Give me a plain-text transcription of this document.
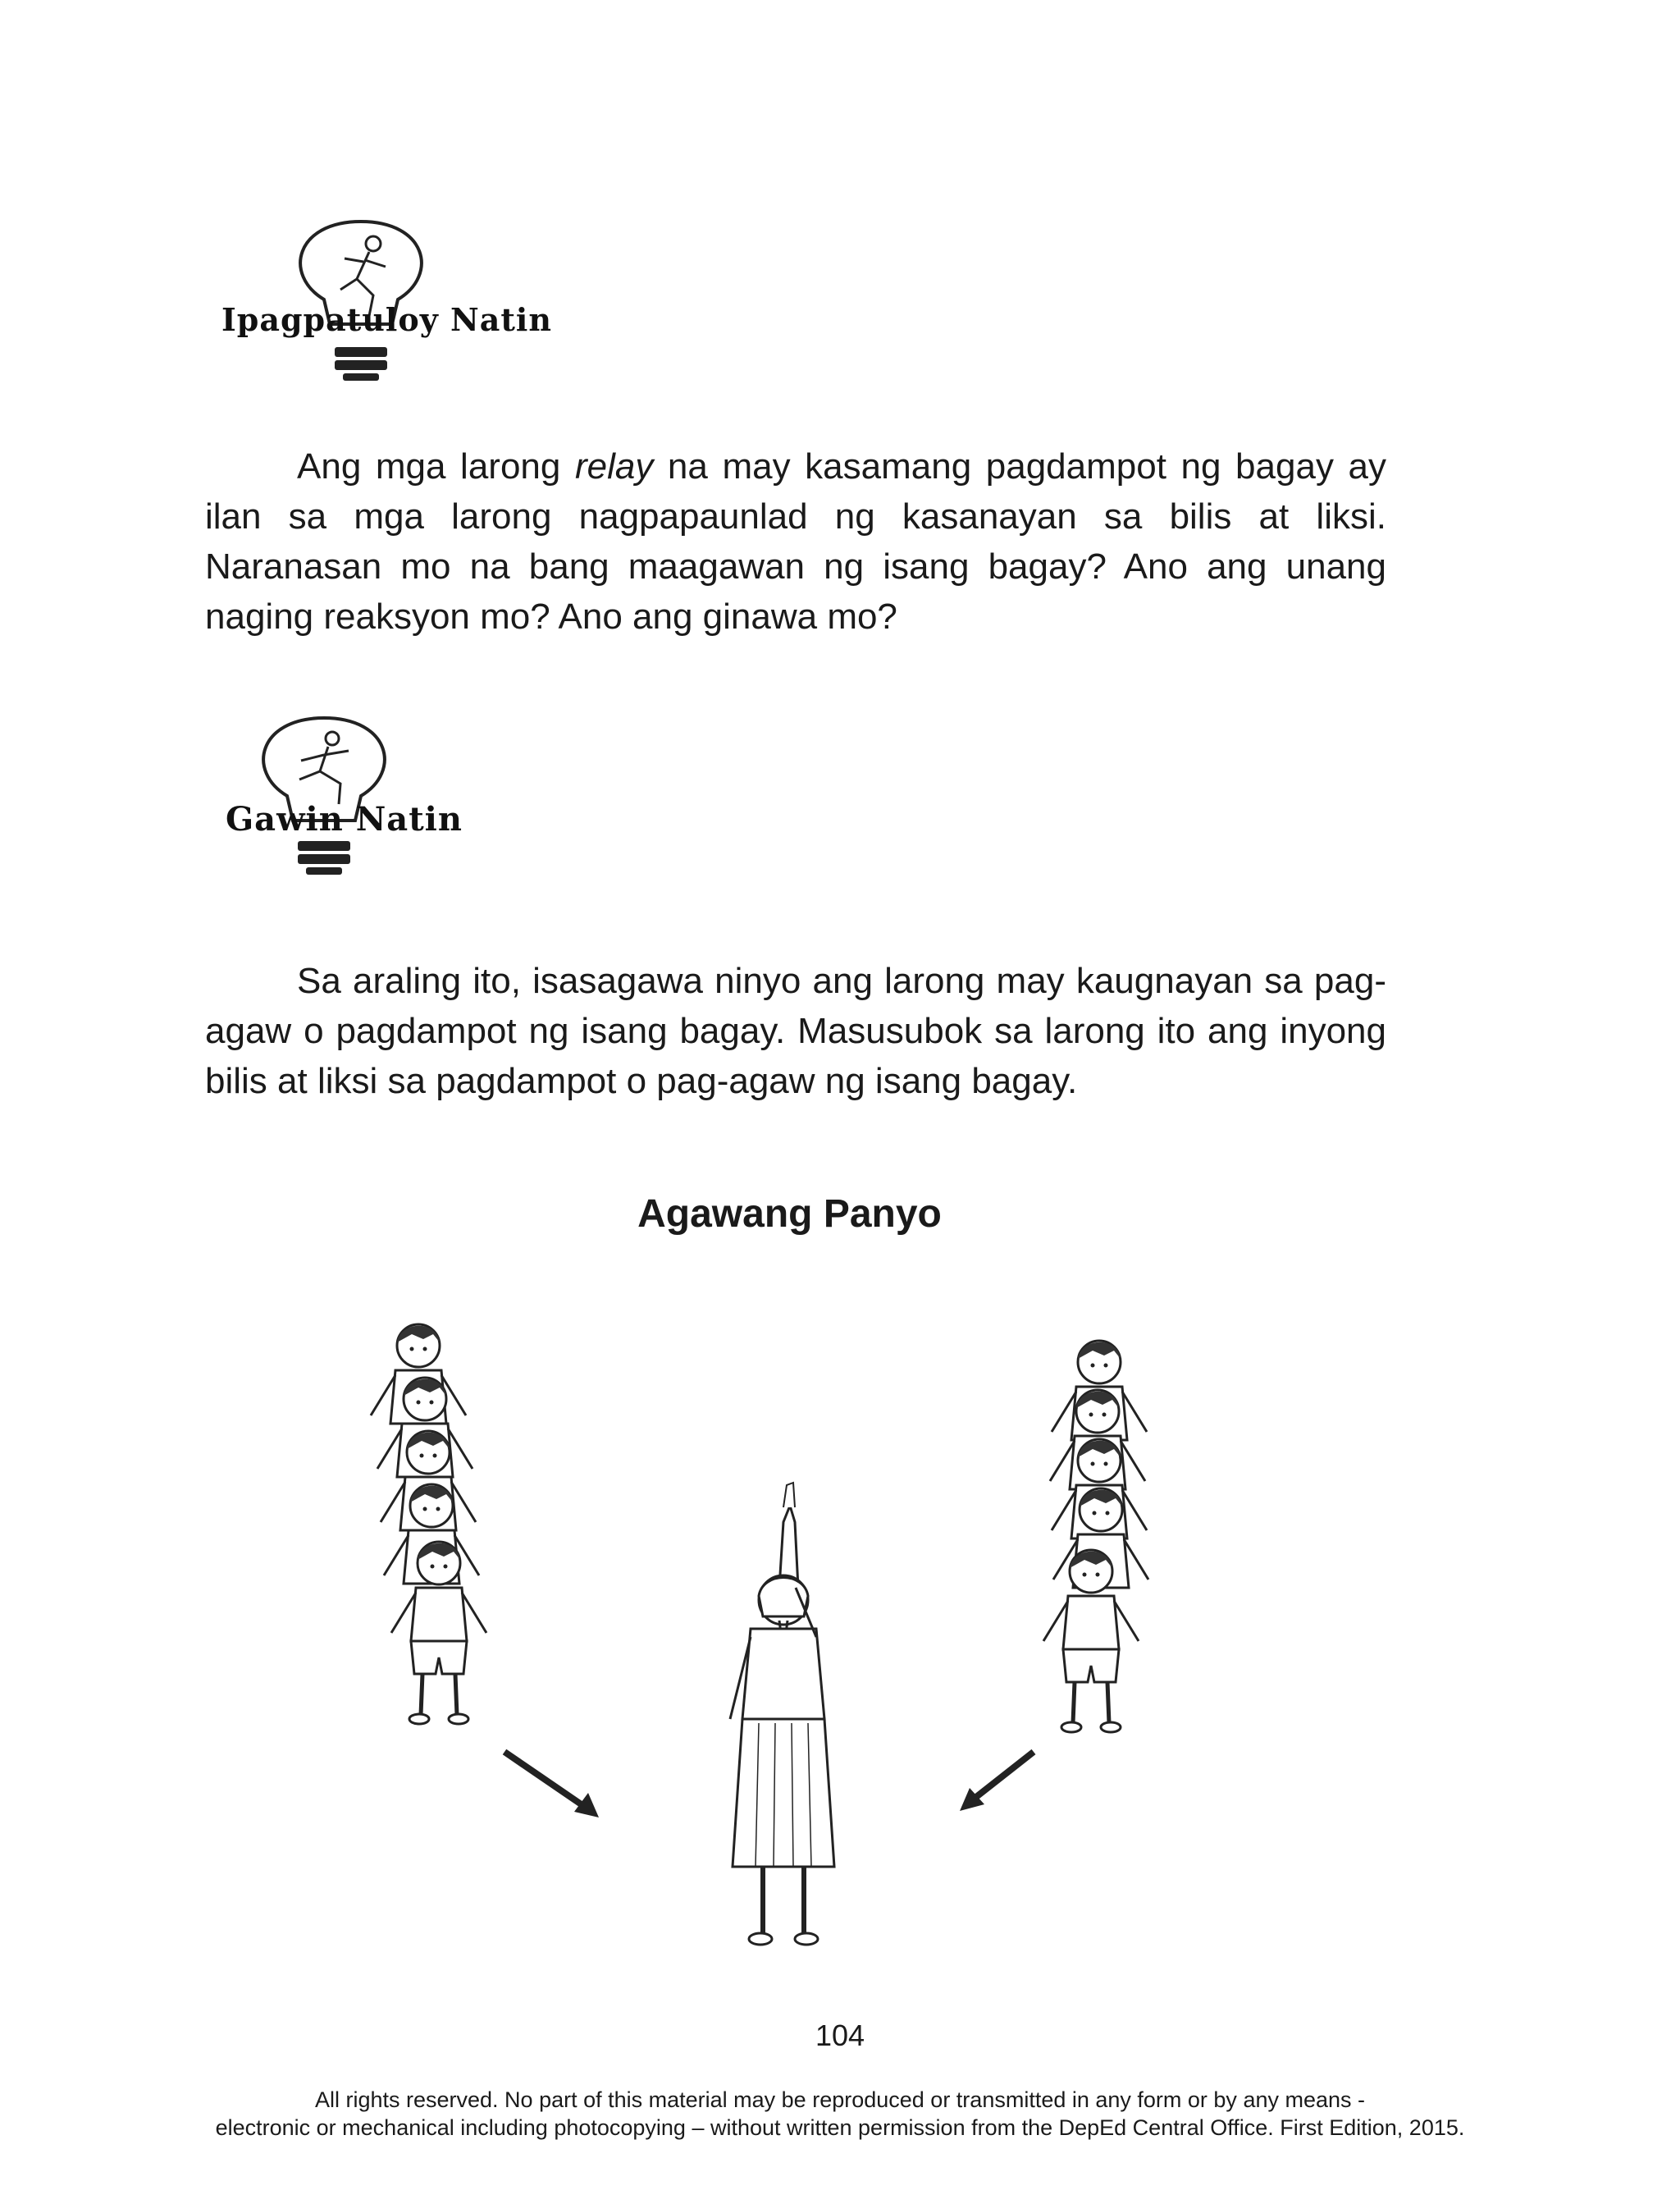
Ipagpatuloy Natin

Ang mga larong relay na may kasamang pagdampot ng bagay ay ilan sa mga larong nagpapaunlad ng kasanayan sa bilis at liksi. Naranasan mo na bang maagawan ng isang bagay? Ano ang unang naging reaksyon mo? Ano ang ginawa mo?

Gawin Natin

Sa araling ito, isasagawa ninyo ang larong may kaugnayan sa pag-agaw o pagdampot ng isang bagay. Masusubok sa larong ito ang inyong bilis at liksi sa pagdampot o pag-agaw ng isang bagay.

Agawang Panyo
104
All rights reserved. No part of this material may be reproduced or transmitted in any form or by any means -
electronic or mechanical including photocopying – without written permission from the DepEd Central Office. First Edition, 2015.
